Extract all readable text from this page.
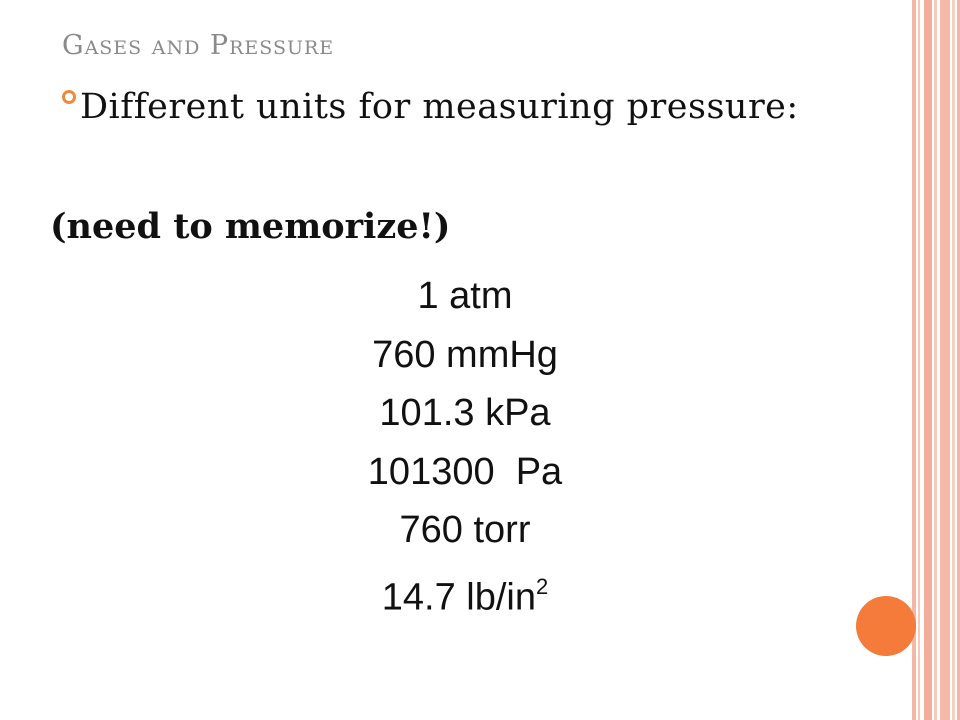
Gases and Pressure
Different units for measuring pressure:
(need to memorize!)
1 atm
760 mmHg
101.3 kPa
101300  Pa
760 torr
14.7 $lb/in^2$
